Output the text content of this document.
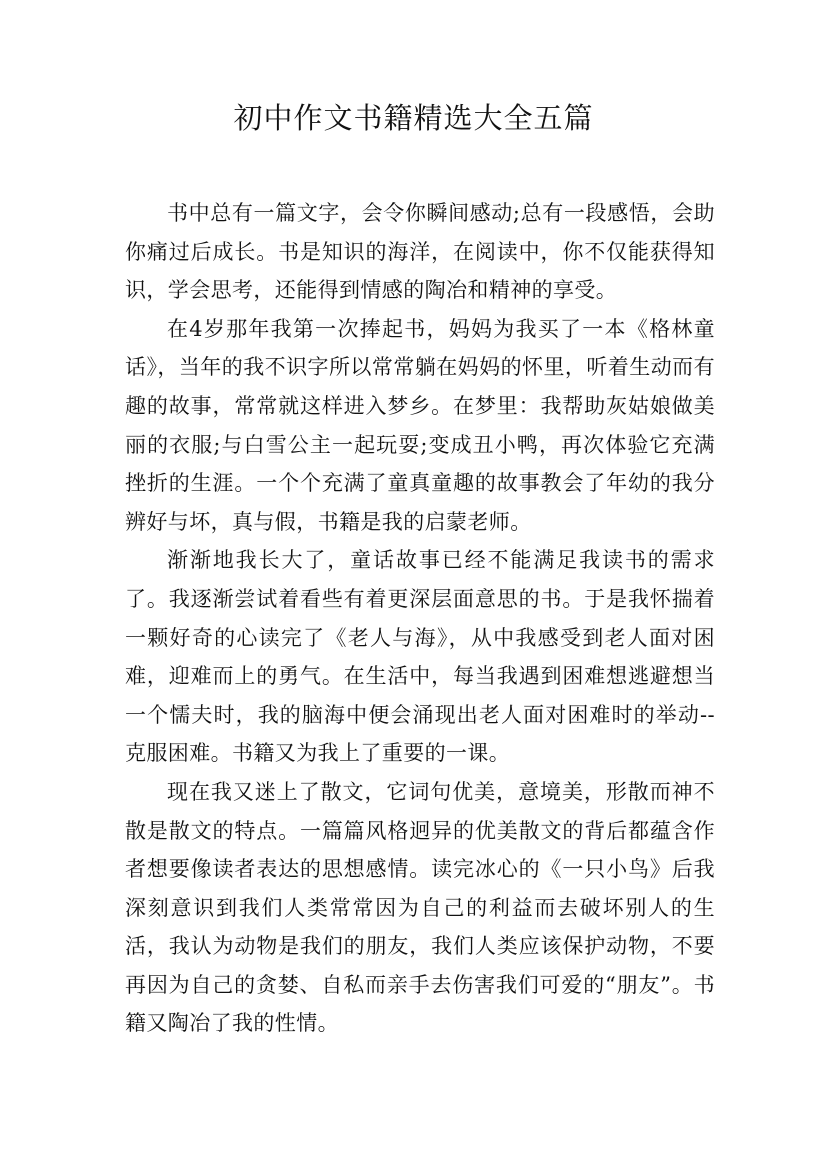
初中作文书籍精选大全五篇

书中总有一篇文字，会令你瞬间感动;总有一段感悟，会助你痛过后成长。书是知识的海洋，在阅读中，你不仅能获得知识，学会思考，还能得到情感的陶冶和精神的享受。

在4岁那年我第一次捧起书，妈妈为我买了一本《格林童话》，当年的我不识字所以常常躺在妈妈的怀里，听着生动而有趣的故事，常常就这样进入梦乡。在梦里：我帮助灰姑娘做美丽的衣服;与白雪公主一起玩耍;变成丑小鸭，再次体验它充满挫折的生涯。一个个充满了童真童趣的故事教会了年幼的我分辨好与坏，真与假，书籍是我的启蒙老师。

渐渐地我长大了，童话故事已经不能满足我读书的需求了。我逐渐尝试着看些有着更深层面意思的书。于是我怀揣着一颗好奇的心读完了《老人与海》，从中我感受到老人面对困难，迎难而上的勇气。在生活中，每当我遇到困难想逃避想当一个懦夫时，我的脑海中便会涌现出老人面对困难时的举动--克服困难。书籍又为我上了重要的一课。

现在我又迷上了散文，它词句优美，意境美，形散而神不散是散文的特点。一篇篇风格迥异的优美散文的背后都蕴含作者想要像读者表达的思想感情。读完冰心的《一只小鸟》后我深刻意识到我们人类常常因为自己的利益而去破坏别人的生活，我认为动物是我们的朋友，我们人类应该保护动物，不要再因为自己的贪婪、自私而亲手去伤害我们可爱的“朋友”。书籍又陶冶了我的性情。
